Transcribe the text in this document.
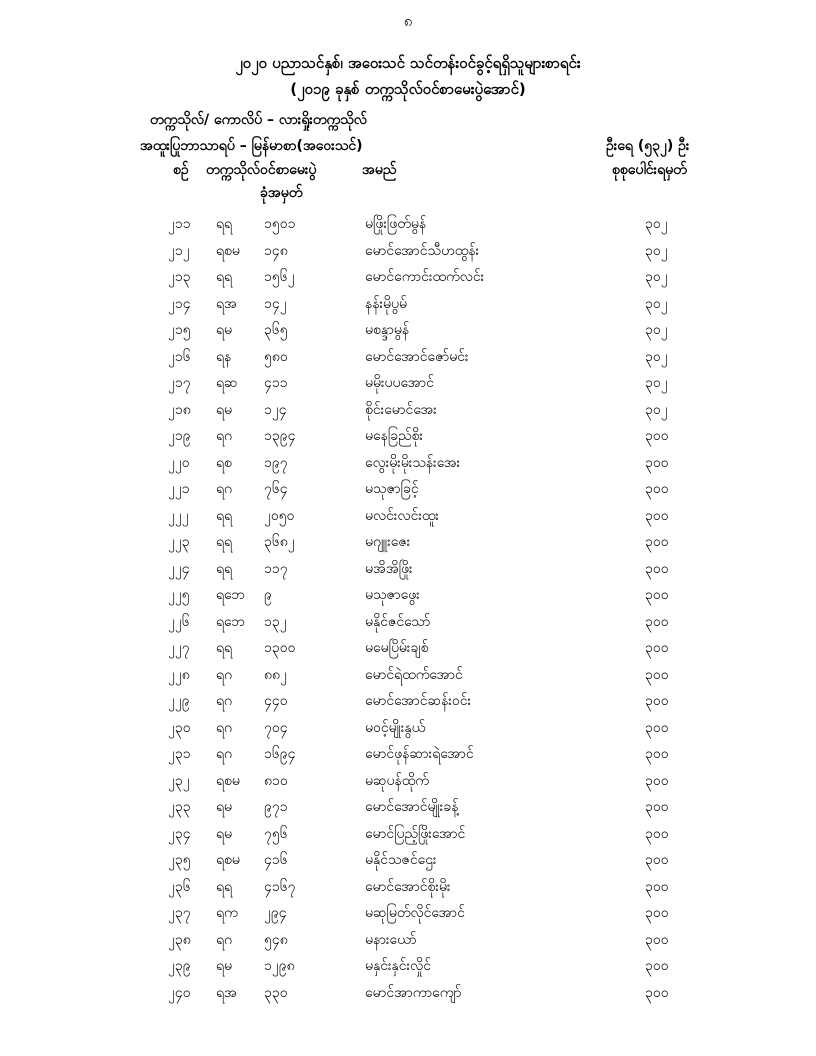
၈
၂၀၂၀ ပညာသင်နှစ်၊ အဝေးသင် သင်တန်းဝင်ခွင့်ရရှိသူများစာရင်း
(၂၀၁၉ ခုနှစ် တက္ကသိုလ်ဝင်စာမေးပွဲအောင်)
တက္ကသိုလ်/ ကောလိပ် – လားရှိုးတက္ကသိုလ်
အထူးပြုဘာသာရပ် – မြန်မာစာ(အဝေးသင်)	ဦးရေ (၅၃၂) ဦး
စဉ် တက္ကသိုလ်ဝင်စာမေးပွဲ
ခုံအမှတ်
အမည်	စုစုပေါင်းရမှတ်
၂၁၁ ရရ ၁၅၀၁	မဖြိုးဖြတ်မွန်	၃၀၂
၂၁၂ ရစမ ၁၄၈	မောင်အောင်သီဟထွန်း	၃၀၂
၂၁၃ ရရ ၁၅၆၂	မောင်ကောင်းထက်လင်း	၃၀၂
၂၁၄ ရအ ၁၄၂	နန်းမိုပွမ်	၃၀၂
၂၁၅ ရမ ၃၆၅	မစန္ဒာမွန်	၃၀၂
၂၁၆ ရန ၅၈၀	မောင်အောင်ဇော်မင်း	၃၀၂
၂၁၇ ရဆ ၄၁၁	မမိုးပပအောင်	၃၀၂
၂၁၈ ရမ ၁၂၄	စိုင်းမောင်အေး	၃၀၂
၂၁၉ ရဂ ၁၃၉၄	မနေခြည်စိုး	၃၀၀
၂၂၀ ရစ ၁၉၇	လွေးမိုးမိုးသန်းအေး	၃၀၀
၂၂၁ ရဂ ၇၆၄	မသုဇာခြင့်	၃၀၀
၂၂၂ ရရ ၂၀၅၀	မလင်းလင်းထူး	၃၀၀
၂၂၃ ရရ ၃၆၈၂	မဂျူးဇေး	၃၀၀
၂၂၄ ရရ ၁၁၇	မအိအိဖြိုး	၃၀၀
၂၂၅ ရဘေ ၉	မသုဇာဖွေး	၃၀၀
၂၂၆ ရဘေ ၁၃၂	မနိုင်ဇင်သော်	၃၀၀
၂၂၇ ရရ ၁၃၀၀	မမေပြိမ်းချစ်	၃၀၀
၂၂၈ ရဂ ၈၈၂	မောင်ရဲထက်အောင်	၃၀၀
၂၂၉ ရဂ ၄၄၀	မောင်အောင်ဆန်းဝင်း	၃၀၀
၂၃၀ ရဂ ၇၀၄	မဝင့်မျိုးနွယ်	၃၀၀
၂၃၁ ရဂ ၁၆၉၄	မောင်ဖုန်ဆားရဲအောင်	၃၀၀
၂၃၂ ရစမ ၈၁၀	မဆုပန်ထိုက်	၃၀၀
၂၃၃ ရမ ၉၇၁	မောင်အောင်မျိုးခန့်	၃၀၀
၂၃၄ ရမ ၇၅၆	မောင်ပြည့်ဖြိုးအောင်	၃၀၀
၂၃၅ ရစမ ၄၁၆	မနိုင်သဇင်ဌေး	၃၀၀
၂၃၆ ရရ ၄၁၆၇	မောင်အောင်စိုးမိုး	၃၀၀
၂၃၇ ရက ၂၉၄	မဆုမြတ်လိုင်အောင်	၃၀၀
၂၃၈ ရဂ ၅၄၈	မနားယော်	၃၀၀
၂၃၉ ရမ ၁၂၉၈	မနှင်းနှင်းလှိုင်	၃၀၀
၂၄၀ ရအ ၃၃၀	မောင်အာကာကျော်	၃၀၀
